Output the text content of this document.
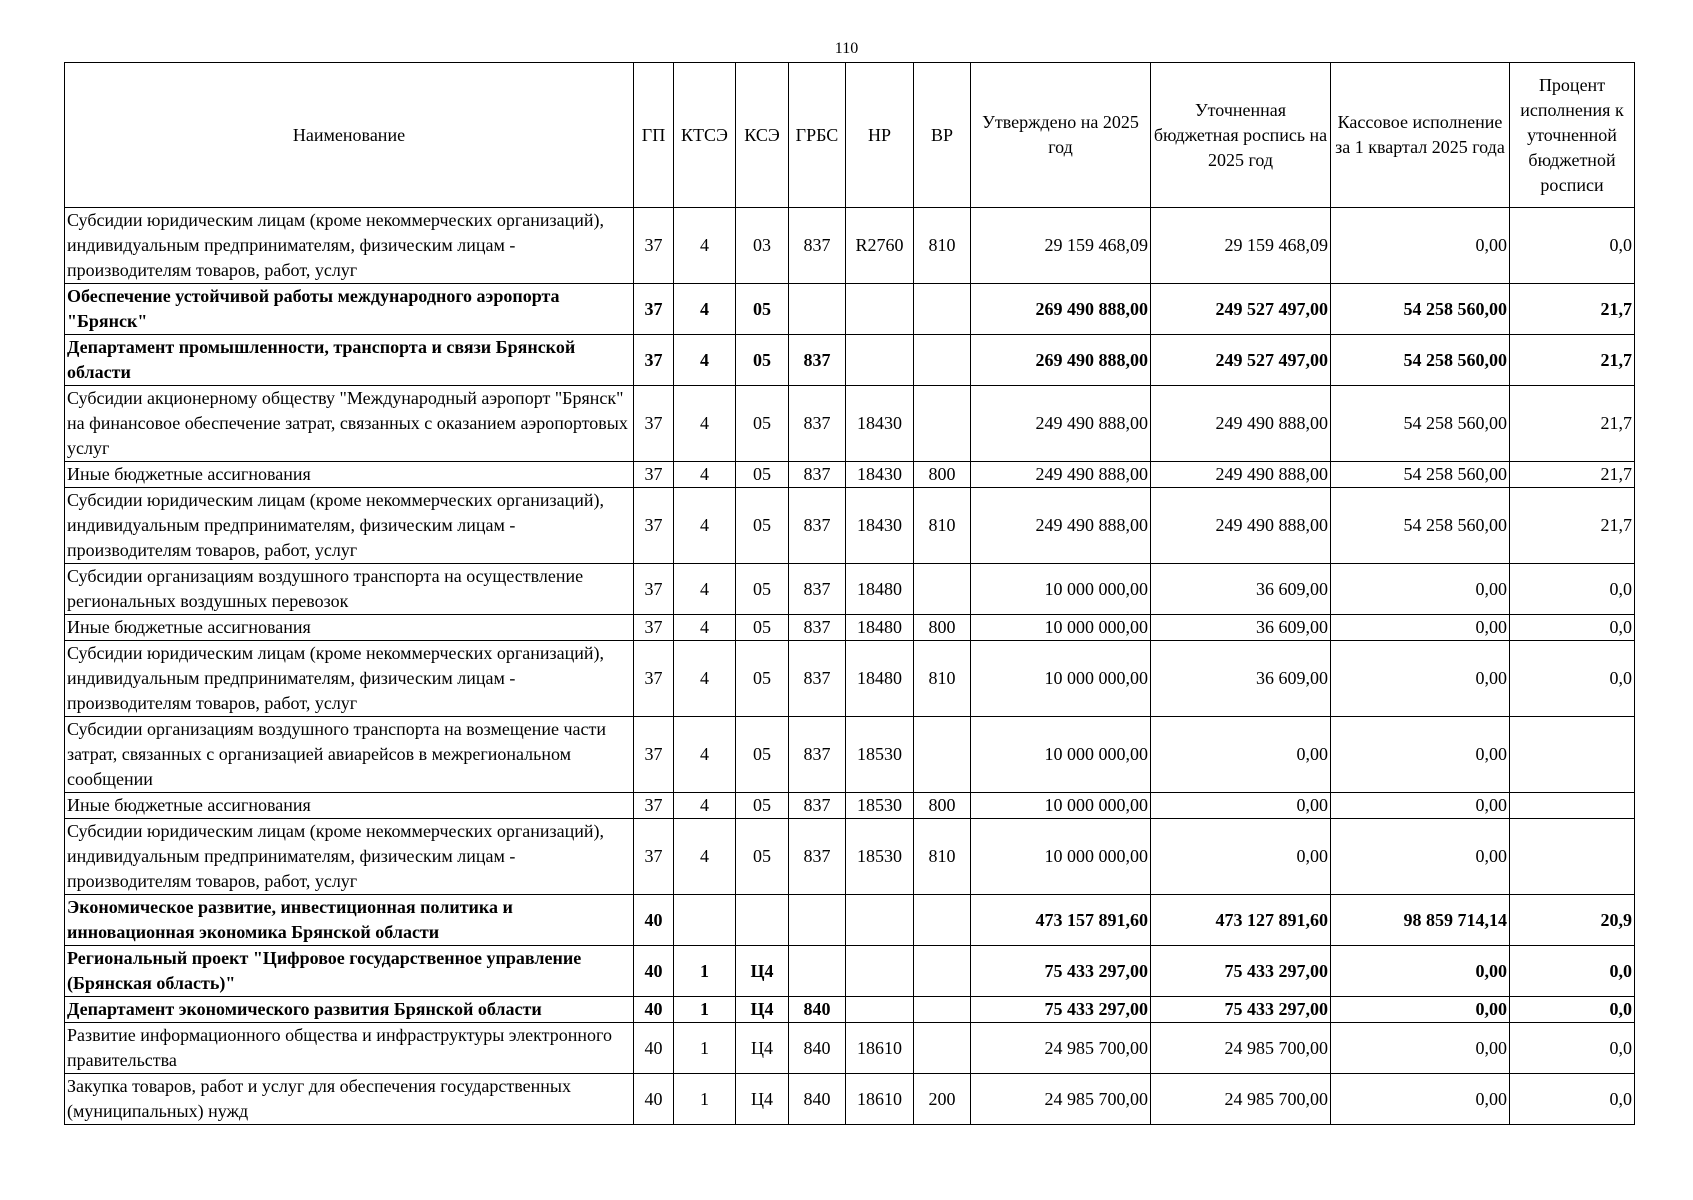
110
Наименование	ГП	КТСЭ	КСЭ	ГРБС	НР	ВР	Утверждено на 2025 год	Уточненная бюджетная роспись на 2025 год	Кассовое исполнение за 1 квартал 2025 года	Процент исполнения к уточненной бюджетной росписи
Субсидии юридическим лицам (кроме некоммерческих организаций), индивидуальным предпринимателям, физическим лицам - производителям товаров, работ, услуг	37	4	03	837	R2760	810	29 159 468,09	29 159 468,09	0,00	0,0
Обеспечение устойчивой работы международного аэропорта "Брянск"	37	4	05				269 490 888,00	249 527 497,00	54 258 560,00	21,7
Департамент промышленности, транспорта и связи Брянской области	37	4	05	837			269 490 888,00	249 527 497,00	54 258 560,00	21,7
Субсидии акционерному обществу "Международный аэропорт "Брянск" на финансовое обеспечение затрат, связанных с оказанием аэропортовых услуг	37	4	05	837	18430		249 490 888,00	249 490 888,00	54 258 560,00	21,7
Иные бюджетные ассигнования	37	4	05	837	18430	800	249 490 888,00	249 490 888,00	54 258 560,00	21,7
Субсидии юридическим лицам (кроме некоммерческих организаций), индивидуальным предпринимателям, физическим лицам - производителям товаров, работ, услуг	37	4	05	837	18430	810	249 490 888,00	249 490 888,00	54 258 560,00	21,7
Субсидии организациям воздушного транспорта на осуществление региональных воздушных перевозок	37	4	05	837	18480		10 000 000,00	36 609,00	0,00	0,0
Иные бюджетные ассигнования	37	4	05	837	18480	800	10 000 000,00	36 609,00	0,00	0,0
Субсидии юридическим лицам (кроме некоммерческих организаций), индивидуальным предпринимателям, физическим лицам - производителям товаров, работ, услуг	37	4	05	837	18480	810	10 000 000,00	36 609,00	0,00	0,0
Субсидии организациям воздушного транспорта на возмещение части затрат, связанных с организацией авиарейсов в межрегиональном сообщении	37	4	05	837	18530		10 000 000,00	0,00	0,00	
Иные бюджетные ассигнования	37	4	05	837	18530	800	10 000 000,00	0,00	0,00	
Субсидии юридическим лицам (кроме некоммерческих организаций), индивидуальным предпринимателям, физическим лицам - производителям товаров, работ, услуг	37	4	05	837	18530	810	10 000 000,00	0,00	0,00	
Экономическое развитие, инвестиционная политика и инновационная экономика Брянской области	40						473 157 891,60	473 127 891,60	98 859 714,14	20,9
Региональный проект "Цифровое государственное управление (Брянская область)"	40	1	Ц4				75 433 297,00	75 433 297,00	0,00	0,0
Департамент экономического развития Брянской области	40	1	Ц4	840			75 433 297,00	75 433 297,00	0,00	0,0
Развитие информационного общества и инфраструктуры электронного правительства	40	1	Ц4	840	18610		24 985 700,00	24 985 700,00	0,00	0,0
Закупка товаров, работ и услуг для обеспечения государственных (муниципальных) нужд	40	1	Ц4	840	18610	200	24 985 700,00	24 985 700,00	0,00	0,0
